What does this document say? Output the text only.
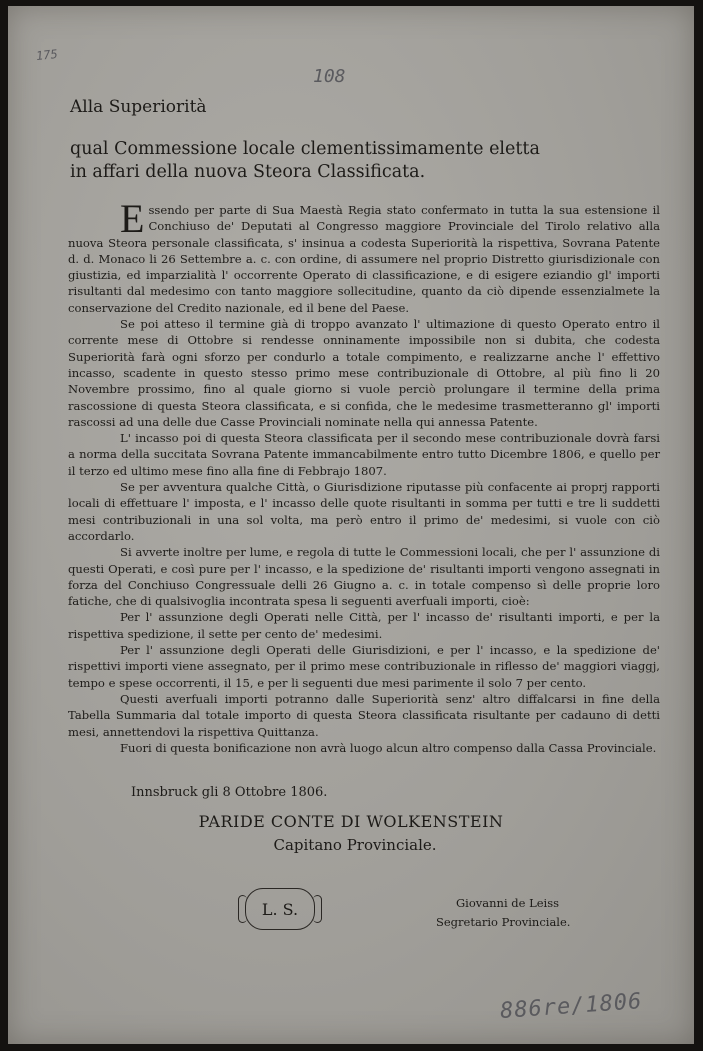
175
108
886re/1806
Alla Superiorità
qual Commessione locale clementissimamente eletta
in affari della nuova Steora Classificata.

Essendo per parte di Sua Maestà Regia stato confermato in tutta la sua estensione il Conchiuso de' Deputati al Congresso maggiore Provinciale del Tirolo relativo alla nuova Steora personale classificata, s' insinua a codesta Superiorità la rispettiva, Sovrana Patente d. d. Monaco li 26 Settembre a. c. con ordine, di assumere nel proprio Distretto giurisdizionale con giustizia, ed imparzialità l' occorrente Operato di classificazione, e di esigere eziandio gl' importi risultanti dal medesimo con tanto maggiore sollecitudine, quanto da ciò dipende essenzialmete la conservazione del Credito nazionale, ed il bene del Paese.

Se poi atteso il termine già di troppo avanzato l' ultimazione di questo Operato entro il corrente mese di Ottobre si rendesse onninamente impossibile non si dubita, che codesta Superiorità farà ogni sforzo per condurlo a totale compimento, e realizzarne anche l' effettivo incasso, scadente in questo stesso primo mese contribuzionale di Ottobre, al più fino li 20 Novembre prossimo, fino al quale giorno si vuole perciò prolungare il termine della prima rascossione di questa Steora classificata, e si confida, che le medesime trasmetteranno gl' importi rascossi ad una delle due Casse Provinciali nominate nella qui annessa Patente.

L' incasso poi di questa Steora classificata per il secondo mese contribuzionale dovrà farsi a norma della succitata Sovrana Patente immancabilmente entro tutto Dicembre 1806, e quello per il terzo ed ultimo mese fino alla fine di Febbrajo 1807.

Se per avventura qualche Città, o Giurisdizione riputasse più confacente ai proprj rapporti locali di effettuare l' imposta, e l' incasso delle quote risultanti in somma per tutti e tre li suddetti mesi contribuzionali in una sol volta, ma però entro il primo de' medesimi, si vuole con ciò accordarlo.

Si avverte inoltre per lume, e regola di tutte le Commessioni locali, che per l' assunzione di questi Operati, e così pure per l' incasso, e la spedizione de' risultanti importi vengono assegnati in forza del Conchiuso Congressuale delli 26 Giugno a. c. in totale compenso sì delle proprie loro fatiche, che di qualsivoglia incontrata spesa li seguenti averfuali importi, cioè:

Per l' assunzione degli Operati nelle Città, per l' incasso de' risultanti importi, e per la rispettiva spedizione, il sette per cento de' medesimi.

Per l' assunzione degli Operati delle Giurisdizioni, e per l' incasso, e la spedizione de' rispettivi importi viene assegnato, per il primo mese contribuzionale in riflesso de' maggiori viaggj, tempo e spese occorrenti, il 15, e per li seguenti due mesi parimente il solo 7 per cento.

Questi averfuali importi potranno dalle Superiorità senz' altro diffalcarsi in fine della Tabella Summaria dal totale importo di questa Steora classificata risultante per cadauno di detti mesi, annettendovi la rispettiva Quittanza.

Fuori di questa bonificazione non avrà luogo alcun altro compenso dalla Cassa Provinciale.

Innsbruck gli 8 Ottobre 1806.
PARIDE CONTE DI WOLKENSTEIN
Capitano Provinciale.
L. S.	Giovanni de Leiss
Segretario Provinciale.
